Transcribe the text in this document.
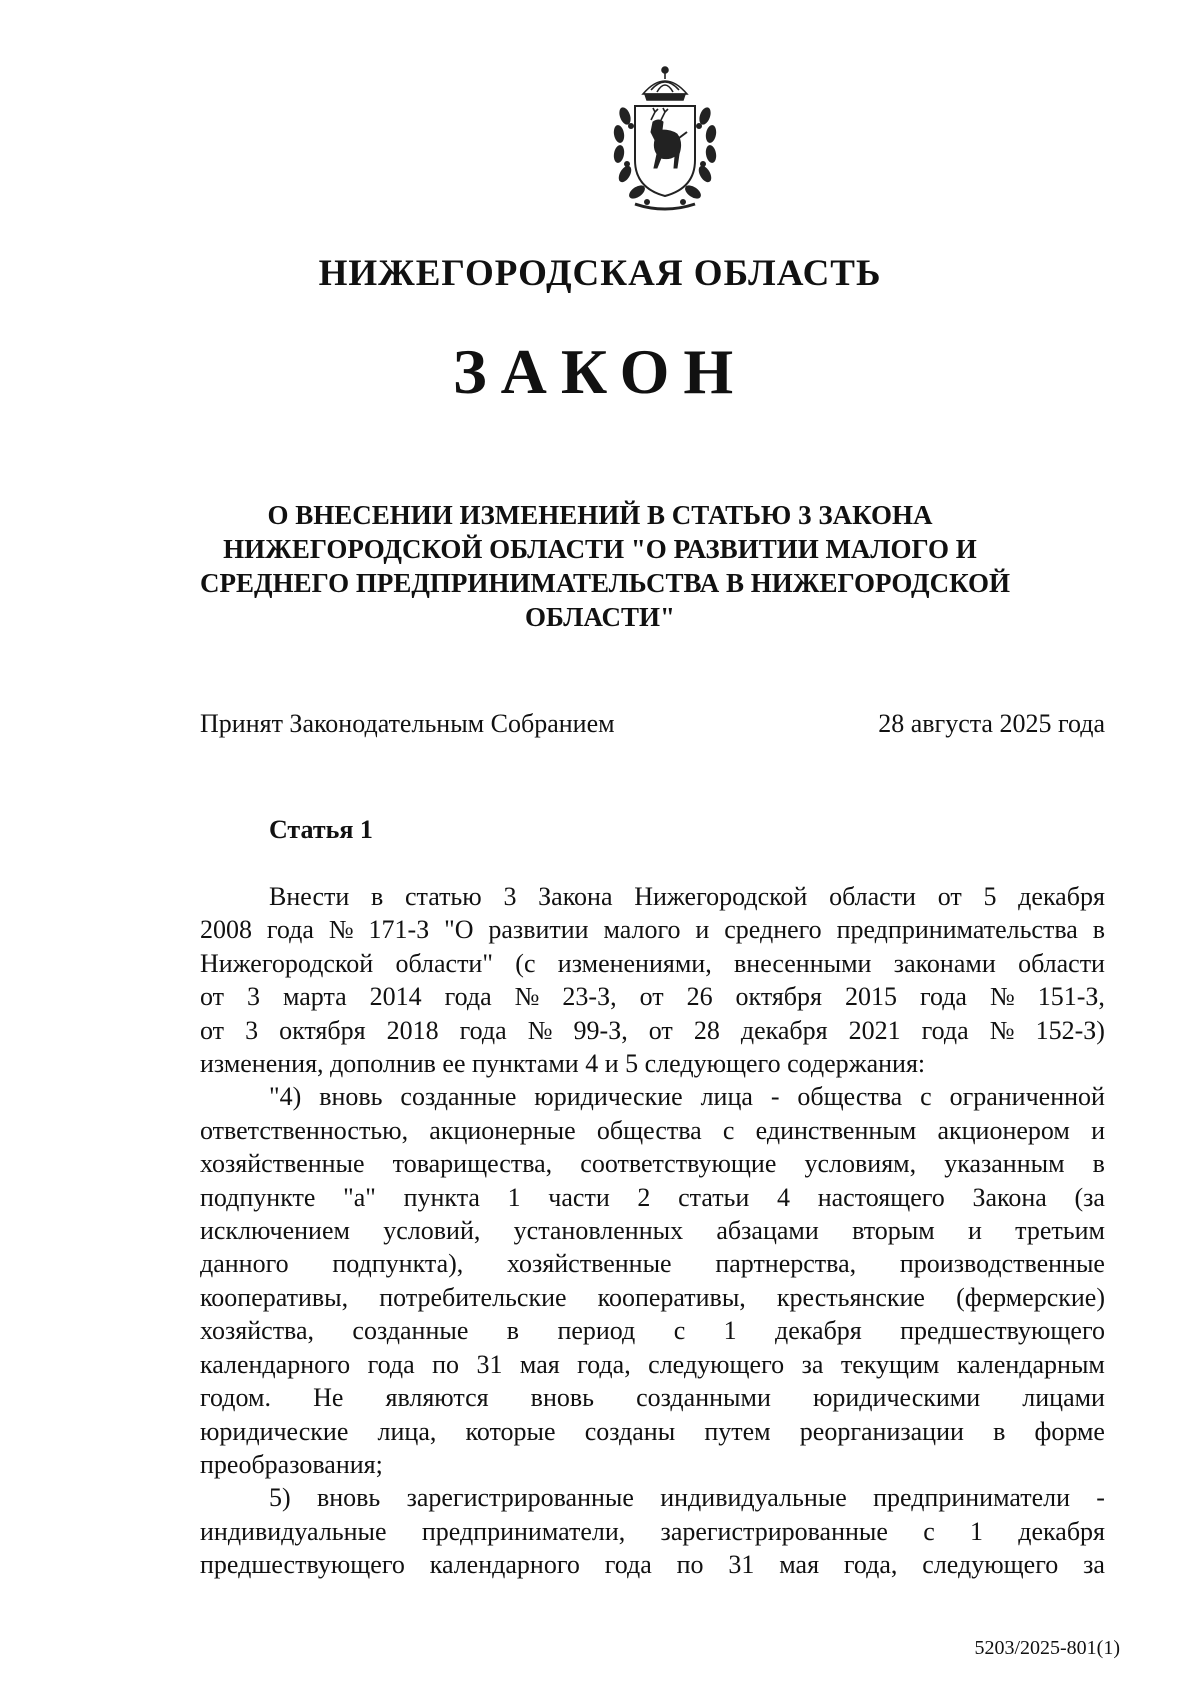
НИЖЕГОРОДСКАЯ ОБЛАСТЬ
ЗАКОН
О ВНЕСЕНИИ ИЗМЕНЕНИЙ В СТАТЬЮ 3 ЗАКОНА
НИЖЕГОРОДСКОЙ ОБЛАСТИ "О РАЗВИТИИ МАЛОГО И
СРЕДНЕГО ПРЕДПРИНИМАТЕЛЬСТВА В НИЖЕГОРОДСКОЙ
ОБЛАСТИ"
Принят Законодательным Собранием	28 августа 2025 года
Статья 1
Внести в статью 3 Закона Нижегородской области от 5 декабря
2008 года № 171-З "О развитии малого и среднего предпринимательства в
Нижегородской области" (с изменениями, внесенными законами области
от 3 марта 2014 года № 23-З, от 26 октября 2015 года № 151-З,
от 3 октября 2018 года № 99-З, от 28 декабря 2021 года № 152-З)
изменения, дополнив ее пунктами 4 и 5 следующего содержания:
"4) вновь созданные юридические лица - общества с ограниченной
ответственностью, акционерные общества с единственным акционером и
хозяйственные товарищества, соответствующие условиям, указанным в
подпункте "а" пункта 1 части 2 статьи 4 настоящего Закона (за
исключением условий, установленных абзацами вторым и третьим
данного подпункта), хозяйственные партнерства, производственные
кооперативы, потребительские кооперативы, крестьянские (фермерские)
хозяйства, созданные в период с 1 декабря предшествующего
календарного года по 31 мая года, следующего за текущим календарным
годом. Не являются вновь созданными юридическими лицами
юридические лица, которые созданы путем реорганизации в форме
преобразования;
5) вновь зарегистрированные индивидуальные предприниматели -
индивидуальные предприниматели, зарегистрированные с 1 декабря
предшествующего календарного года по 31 мая года, следующего за
5203/2025-801(1)
